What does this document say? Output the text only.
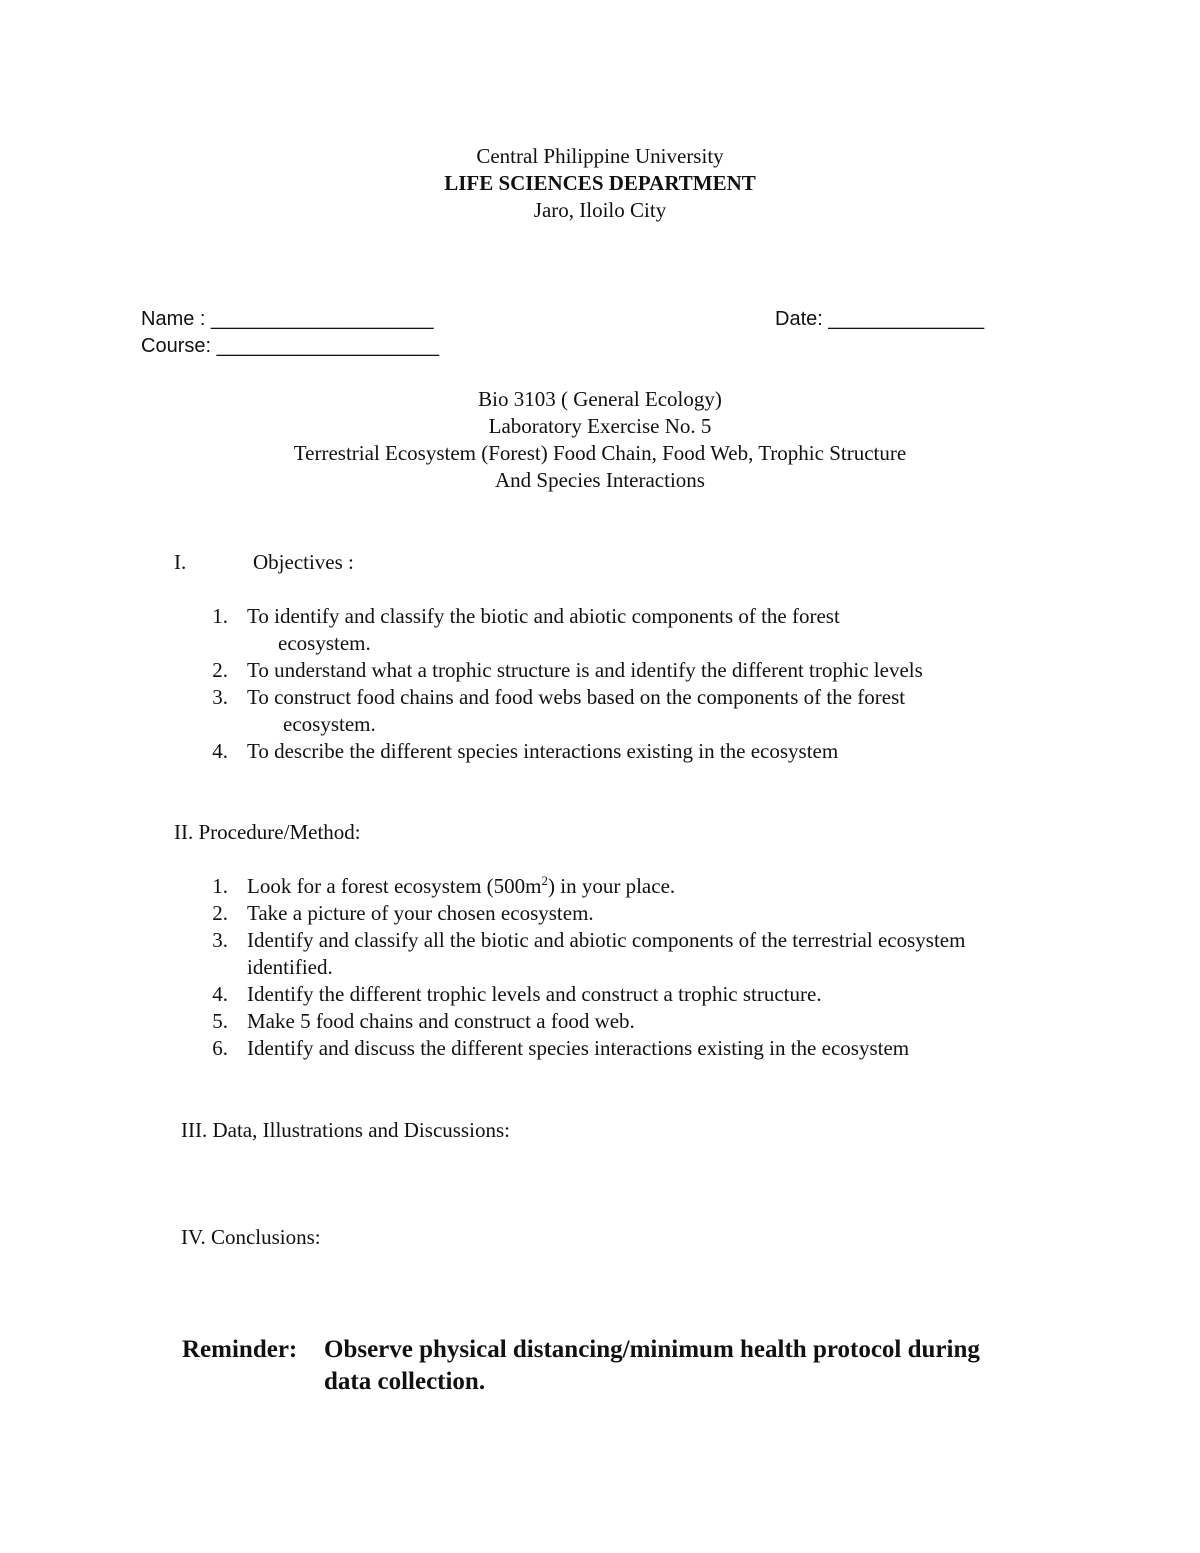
Central Philippine University
LIFE SCIENCES DEPARTMENT
Jaro, Iloilo City
Name : ____________________	Date: ______________
Course: ____________________
Bio 3103 ( General Ecology)
Laboratory Exercise No. 5
Terrestrial Ecosystem (Forest) Food Chain, Food Web, Trophic Structure
And Species Interactions
I.	Objectives :
1. To identify and classify the biotic and abiotic components of the forest
ecosystem.
2. To understand what a trophic structure is and identify the different trophic levels
3. To construct food chains and food webs based on the components of the forest
ecosystem.
4. To describe the different species interactions existing in the ecosystem
II. Procedure/Method:
1. Look for a forest ecosystem $(500m^2)$ in your place.
2. Take a picture of your chosen ecosystem.
3. Identify and classify all the biotic and abiotic components of the terrestrial ecosystem
identified.
4. Identify the different trophic levels and construct a trophic structure.
5. Make 5 food chains and construct a food web.
6. Identify and discuss the different species interactions existing in the ecosystem
III. Data, Illustrations and Discussions:
IV. Conclusions:
Reminder: Observe physical distancing/minimum health protocol during
data collection.
